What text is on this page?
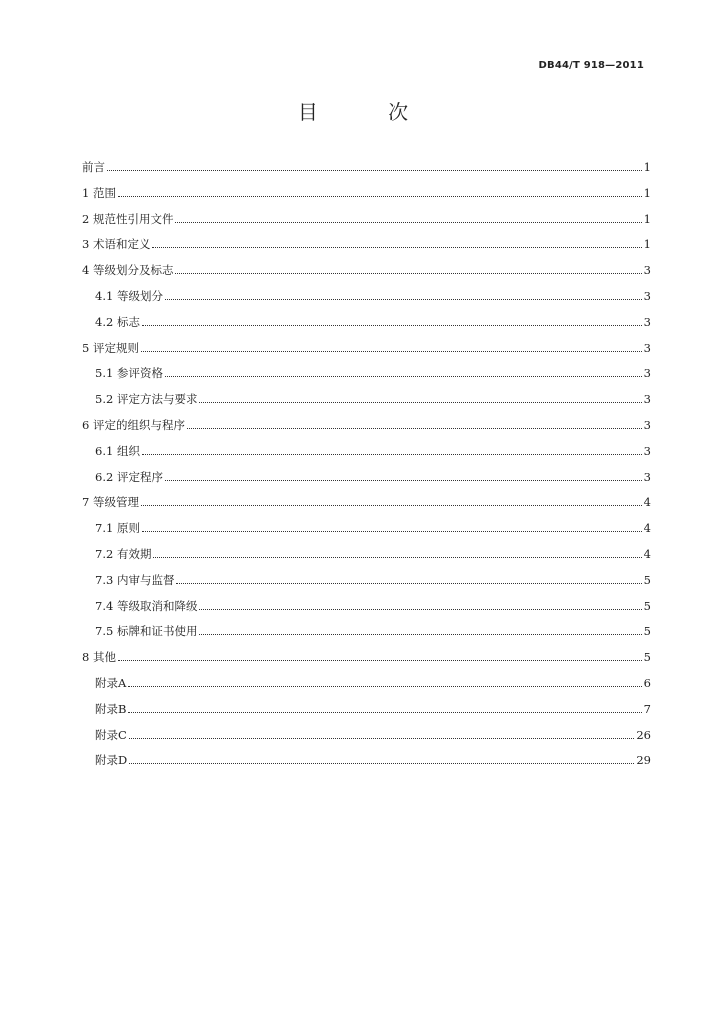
DB44/T 918—2011
目 次
前言	1
1 范围	1
2 规范性引用文件	1
3 术语和定义	1
4 等级划分及标志	3
4.1 等级划分	3
4.2 标志	3
5 评定规则	3
5.1 参评资格	3
5.2 评定方法与要求	3
6 评定的组织与程序	3
6.1 组织	3
6.2 评定程序	3
7 等级管理	4
7.1 原则	4
7.2 有效期	4
7.3 内审与监督	5
7.4 等级取消和降级	5
7.5 标牌和证书使用	5
8 其他	5
附录A	6
附录B	7
附录C	26
附录D	29
